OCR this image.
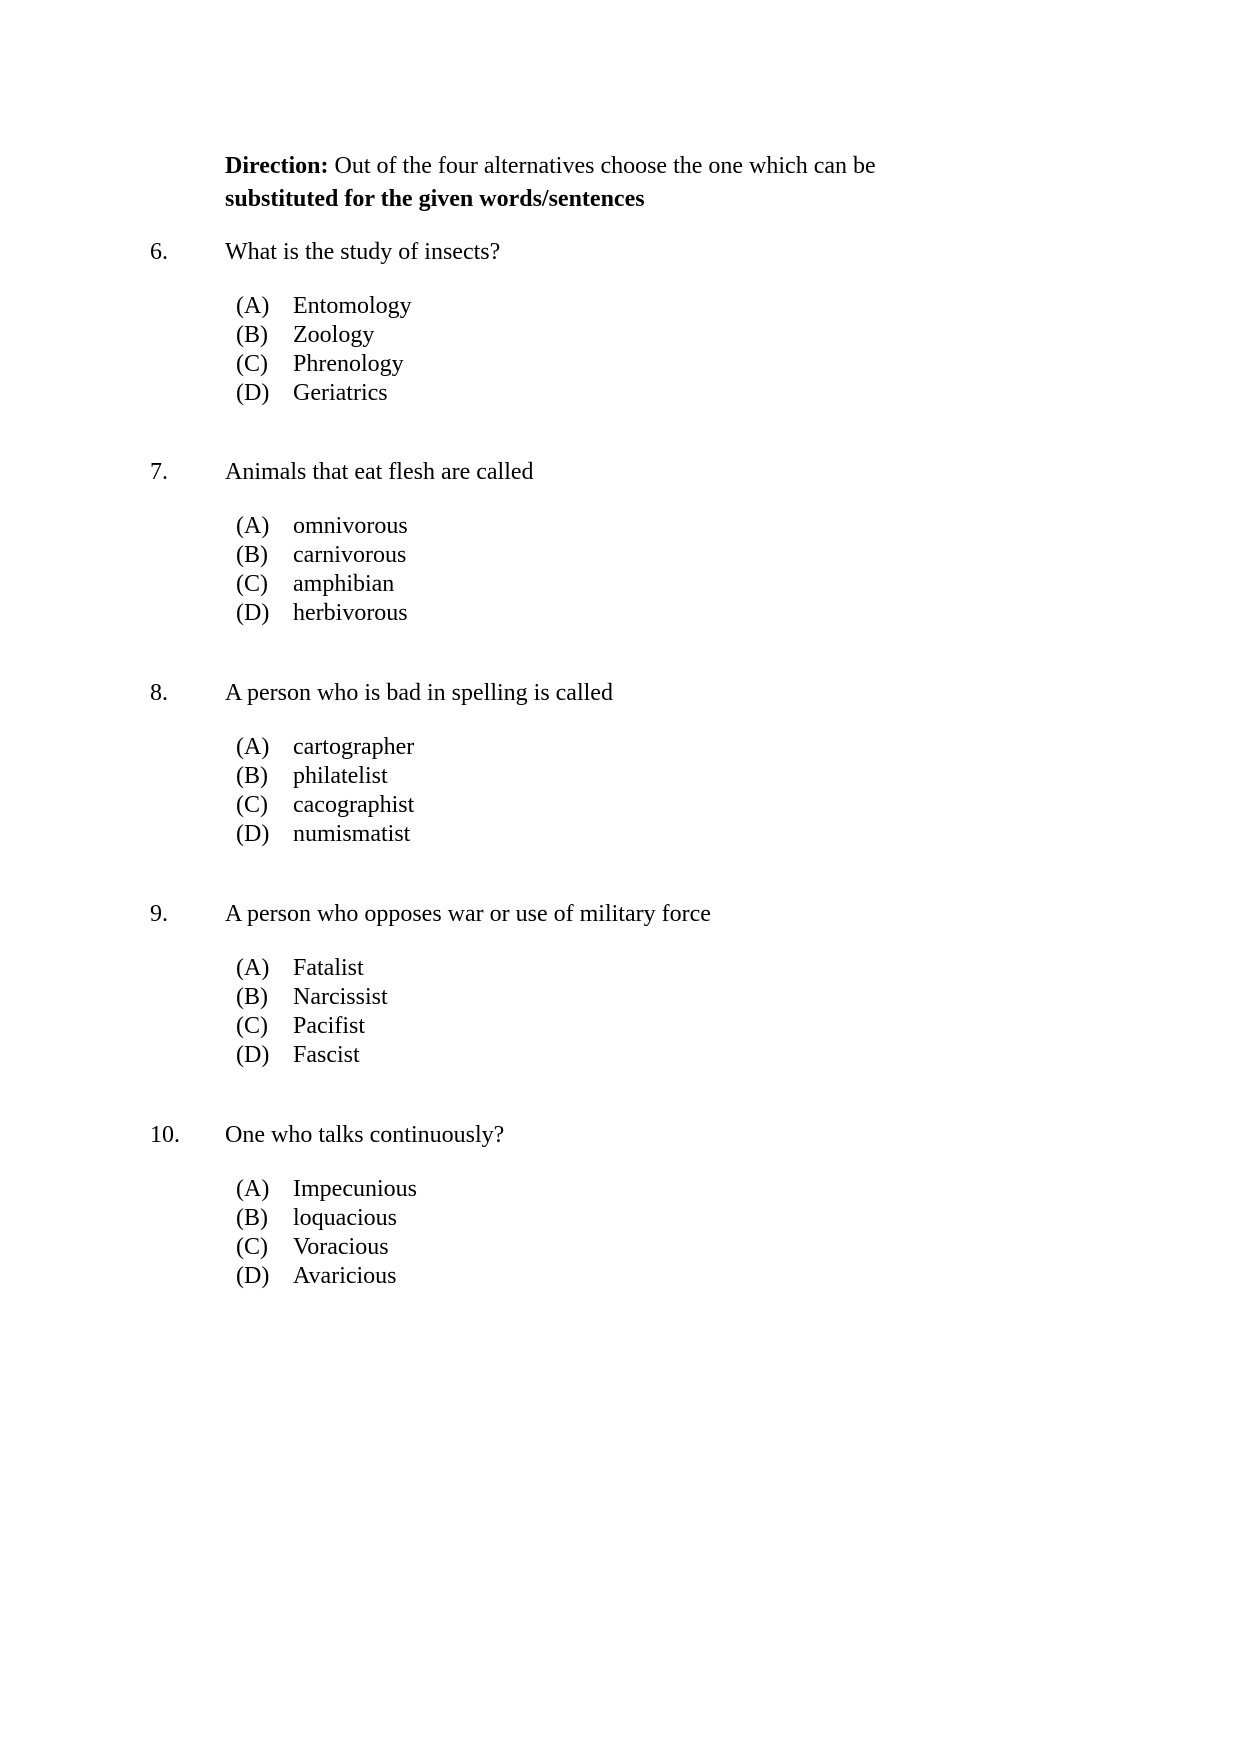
Direction: Out of the four alternatives choose the one which can be substituted for the given words/sentences
6. What is the study of insects?
(A) Entomology
(B) Zoology
(C) Phrenology
(D) Geriatrics
7. Animals that eat flesh are called
(A) omnivorous
(B) carnivorous
(C) amphibian
(D) herbivorous
8. A person who is bad in spelling is called
(A) cartographer
(B) philatelist
(C) cacographist
(D) numismatist
9. A person who opposes war or use of military force
(A) Fatalist
(B) Narcissist
(C) Pacifist
(D) Fascist
10. One who talks continuously?
(A) Impecunious
(B) loquacious
(C) Voracious
(D) Avaricious
